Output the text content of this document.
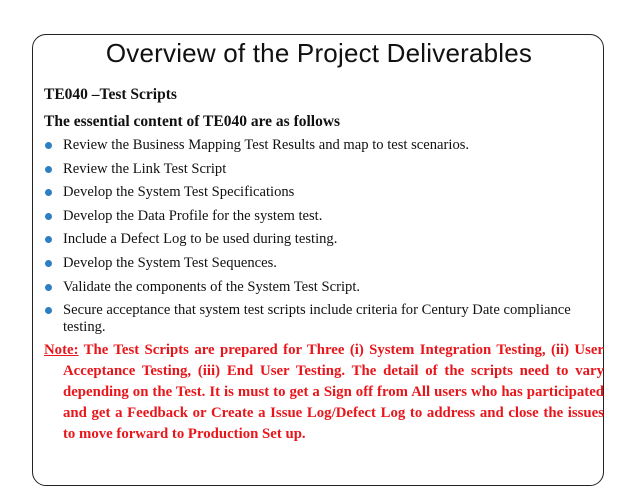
Overview of the Project Deliverables

TE040 –Test Scripts

The essential content of TE040 are as follows

Review the Business Mapping Test Results and map to test scenarios.
Review the Link Test Script
Develop the System Test Specifications
Develop the Data Profile for the system test.
Include a Defect Log to be used during testing.
Develop the System Test Sequences.
Validate the components of the System Test Script.
Secure acceptance that system test scripts include criteria for Century Date compliance testing.
Note: The Test Scripts are prepared for Three (i) System Integration Testing, (ii) User Acceptance Testing, (iii) End User Testing. The detail of the scripts need to vary depending on the Test. It is must to get a Sign off from All users who has participated and get a Feedback or Create a Issue Log/Defect Log to address and close the issues to move forward to Production Set up.
